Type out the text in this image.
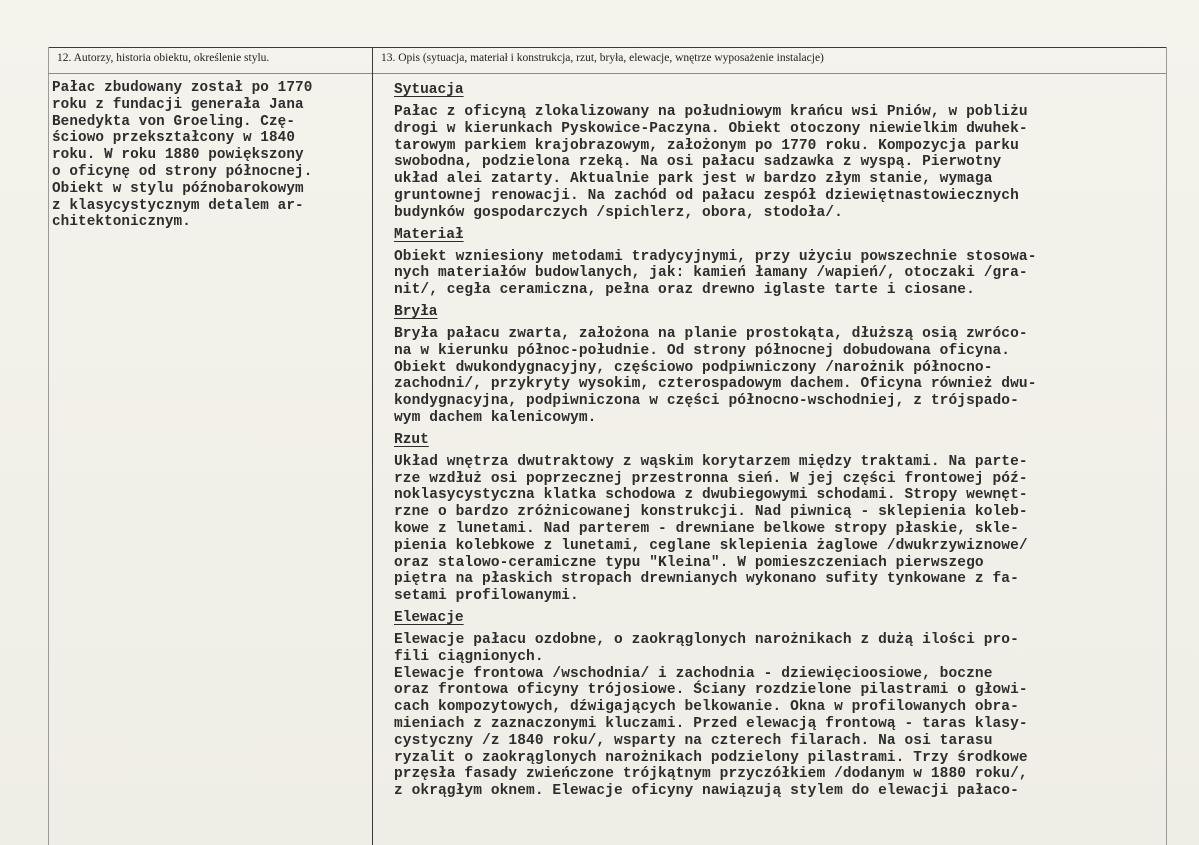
12. Autorzy, historia obiektu, określenie stylu.	13. Opis (sytuacja, materiał i konstrukcja, rzut, bryła, elewacje, wnętrze wyposażenie instalacje)
Pałac zbudowany został po 1770
roku z fundacji generała Jana
Benedykta von Groeling. Czę-
ściowo przekształcony w 1840
roku. W roku 1880 powiększony
o oficynę od strony północnej.
Obiekt w stylu późnobarokowym
z klasycystycznym detalem ar-
chitektonicznym.
Sytuacja
Pałac z oficyną zlokalizowany na południowym krańcu wsi Pniów, w pobliżu
drogi w kierunkach Pyskowice-Paczyna. Obiekt otoczony niewielkim dwuhek-
tarowym parkiem krajobrazowym, założonym po 1770 roku. Kompozycja parku
swobodna, podzielona rzeką. Na osi pałacu sadzawka z wyspą. Pierwotny
układ alei zatarty. Aktualnie park jest w bardzo złym stanie, wymaga
gruntownej renowacji. Na zachód od pałacu zespół dziewiętnastowiecznych
budynków gospodarczych /spichlerz, obora, stodoła/.
Materiał
Obiekt wzniesiony metodami tradycyjnymi, przy użyciu powszechnie stosowa-
nych materiałów budowlanych, jak: kamień łamany /wapień/, otoczaki /gra-
nit/, cegła ceramiczna, pełna oraz drewno iglaste tarte i ciosane.
Bryła
Bryła pałacu zwarta, założona na planie prostokąta, dłuższą osią zwróco-
na w kierunku północ-południe. Od strony północnej dobudowana oficyna.
Obiekt dwukondygnacyjny, częściowo podpiwniczony /narożnik północno-
zachodni/, przykryty wysokim, czterospadowym dachem. Oficyna również dwu-
kondygnacyjna, podpiwniczona w części północno-wschodniej, z trójspado-
wym dachem kalenicowym.
Rzut
Układ wnętrza dwutraktowy z wąskim korytarzem między traktami. Na parte-
rze wzdłuż osi poprzecznej przestronna sień. W jej części frontowej póź-
noklasycystyczna klatka schodowa z dwubiegowymi schodami. Stropy wewnęt-
rzne o bardzo zróżnicowanej konstrukcji. Nad piwnicą - sklepienia koleb-
kowe z lunetami. Nad parterem - drewniane belkowe stropy płaskie, skle-
pienia kolebkowe z lunetami, ceglane sklepienia żaglowe /dwukrzywiznowe/
oraz stalowo-ceramiczne typu "Kleina". W pomieszczeniach pierwszego
piętra na płaskich stropach drewnianych wykonano sufity tynkowane z fa-
setami profilowanymi.
Elewacje
Elewacje pałacu ozdobne, o zaokrąglonych narożnikach z dużą ilości pro-
fili ciągnionych.
Elewacje frontowa /wschodnia/ i zachodnia - dziewięcioosiowe, boczne
oraz frontowa oficyny trójosiowe. Ściany rozdzielone pilastrami o głowi-
cach kompozytowych, dźwigających belkowanie. Okna w profilowanych obra-
mieniach z zaznaczonymi kluczami. Przed elewacją frontową - taras klasy-
cystyczny /z 1840 roku/, wsparty na czterech filarach. Na osi tarasu
ryzalit o zaokrąglonych narożnikach podzielony pilastrami. Trzy środkowe
przęsła fasady zwieńczone trójkątnym przyczółkiem /dodanym w 1880 roku/,
z okrągłym oknem. Elewacje oficyny nawiązują stylem do elewacji pałaco-
